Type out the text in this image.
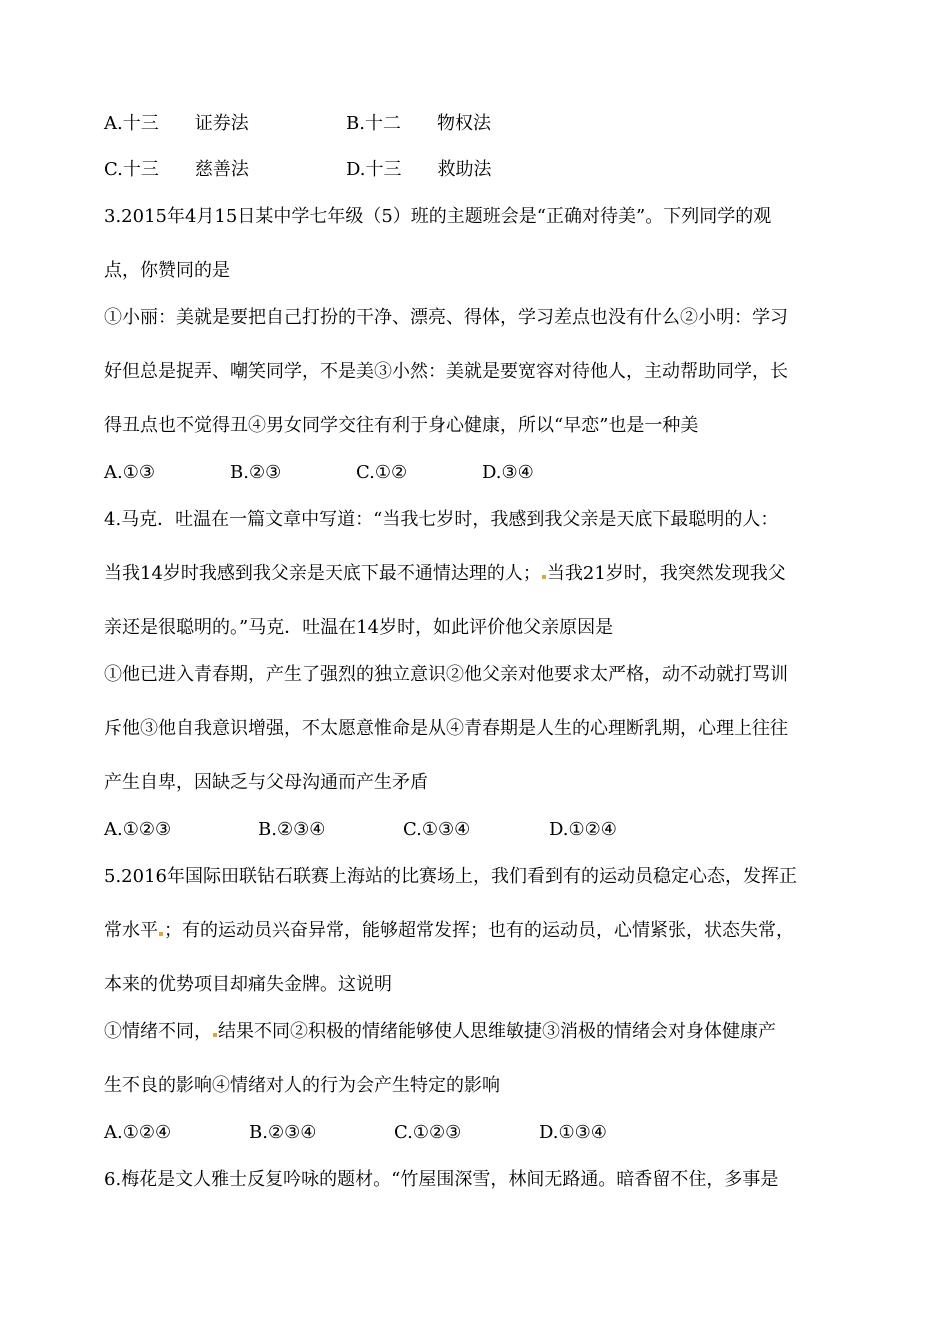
A.十三　　证券法	B.十二　　物权法
C.十三　　慈善法	D.十三　　救助法
3.2015年4月15日某中学七年级（5）班的主题班会是“正确对待美”。下列同学的观
点，你赞同的是
①小丽：美就是要把自己打扮的干净、漂亮、得体，学习差点也没有什么②小明：学习
好但总是捉弄、嘲笑同学，不是美③小然：美就是要宽容对待他人，主动帮助同学，长
得丑点也不觉得丑④男女同学交往有利于身心健康，所以“早恋”也是一种美
A.①③	B.②③	C.①②	D.③④
4.马克．吐温在一篇文章中写道：“当我七岁时，我感到我父亲是天底下最聪明的人：
当我14岁时我感到我父亲是天底下最不通情达理的人； 当我21岁时，我突然发现我父
亲还是很聪明的。”马克．吐温在14岁时，如此评价他父亲原因是
①他已进入青春期，产生了强烈的独立意识②他父亲对他要求太严格，动不动就打骂训
斥他③他自我意识增强，不太愿意惟命是从④青春期是人生的心理断乳期，心理上往往
产生自卑，因缺乏与父母沟通而产生矛盾
A.①②③	B.②③④	C.①③④	D.①②④
5.2016年国际田联钻石联赛上海站的比赛场上，我们看到有的运动员稳定心态，发挥正
常水平 ；有的运动员兴奋异常，能够超常发挥；也有的运动员，心情紧张，状态失常，
本来的优势项目却痛失金牌。这说明
①情绪不同， 结果不同②积极的情绪能够使人思维敏捷③消极的情绪会对身体健康产
生不良的影响④情绪对人的行为会产生特定的影响
A.①②④	B.②③④	C.①②③	D.①③④
6.梅花是文人雅士反复吟咏的题材。“竹屋围深雪，林间无路通。暗香留不住，多事是
